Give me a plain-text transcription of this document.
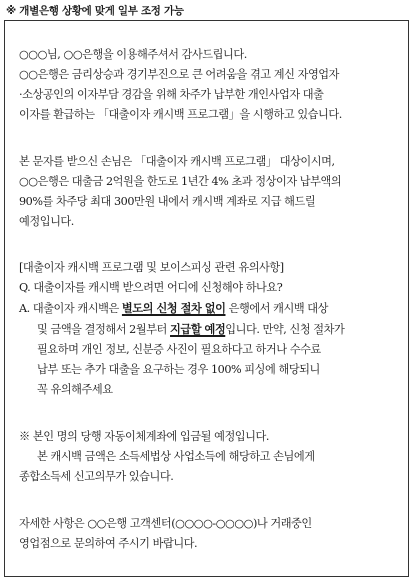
※ 개별은행 상황에 맞게 일부 조정 가능
○○○님, ○○은행을 이용해주셔서 감사드립니다.
○○은행은 금리상승과 경기부진으로 큰 어려움을 겪고 계신 자영업자
·소상공인의 이자부담 경감을 위해 차주가 납부한 개인사업자 대출
이자를 환급하는 「대출이자 캐시백 프로그램」을 시행하고 있습니다.
본 문자를 받으신 손님은 「대출이자 캐시백 프로그램」 대상이시며,
○○은행은 대출금 2억원을 한도로 1년간 4% 초과 정상이자 납부액의
90%를 차주당 최대 300만원 내에서 캐시백 계좌로 지급 해드릴
예정입니다.
[대출이자 캐시백 프로그램 및 보이스피싱 관련 유의사항]
Q. 대출이자를 캐시백 받으려면 어디에 신청해야 하나요?
A. 대출이자 캐시백은 별도의 신청 절차 없이 은행에서 캐시백 대상
및 금액을 결정해서 2월부터 지급할 예정입니다. 만약, 신청 절차가
필요하며 개인 정보, 신분증 사진이 필요하다고 하거나 수수료
납부 또는 추가 대출을 요구하는 경우 100% 피싱에 해당되니
꼭 유의해주세요
※ 본인 명의 당행 자동이체계좌에 입금될 예정입니다.
본 캐시백 금액은 소득세법상 사업소득에 해당하고 손님에게
종합소득세 신고의무가 있습니다.
자세한 사항은 ○○은행 고객센터(○○○○-○○○○)나 거래중인
영업점으로 문의하여 주시기 바랍니다.
